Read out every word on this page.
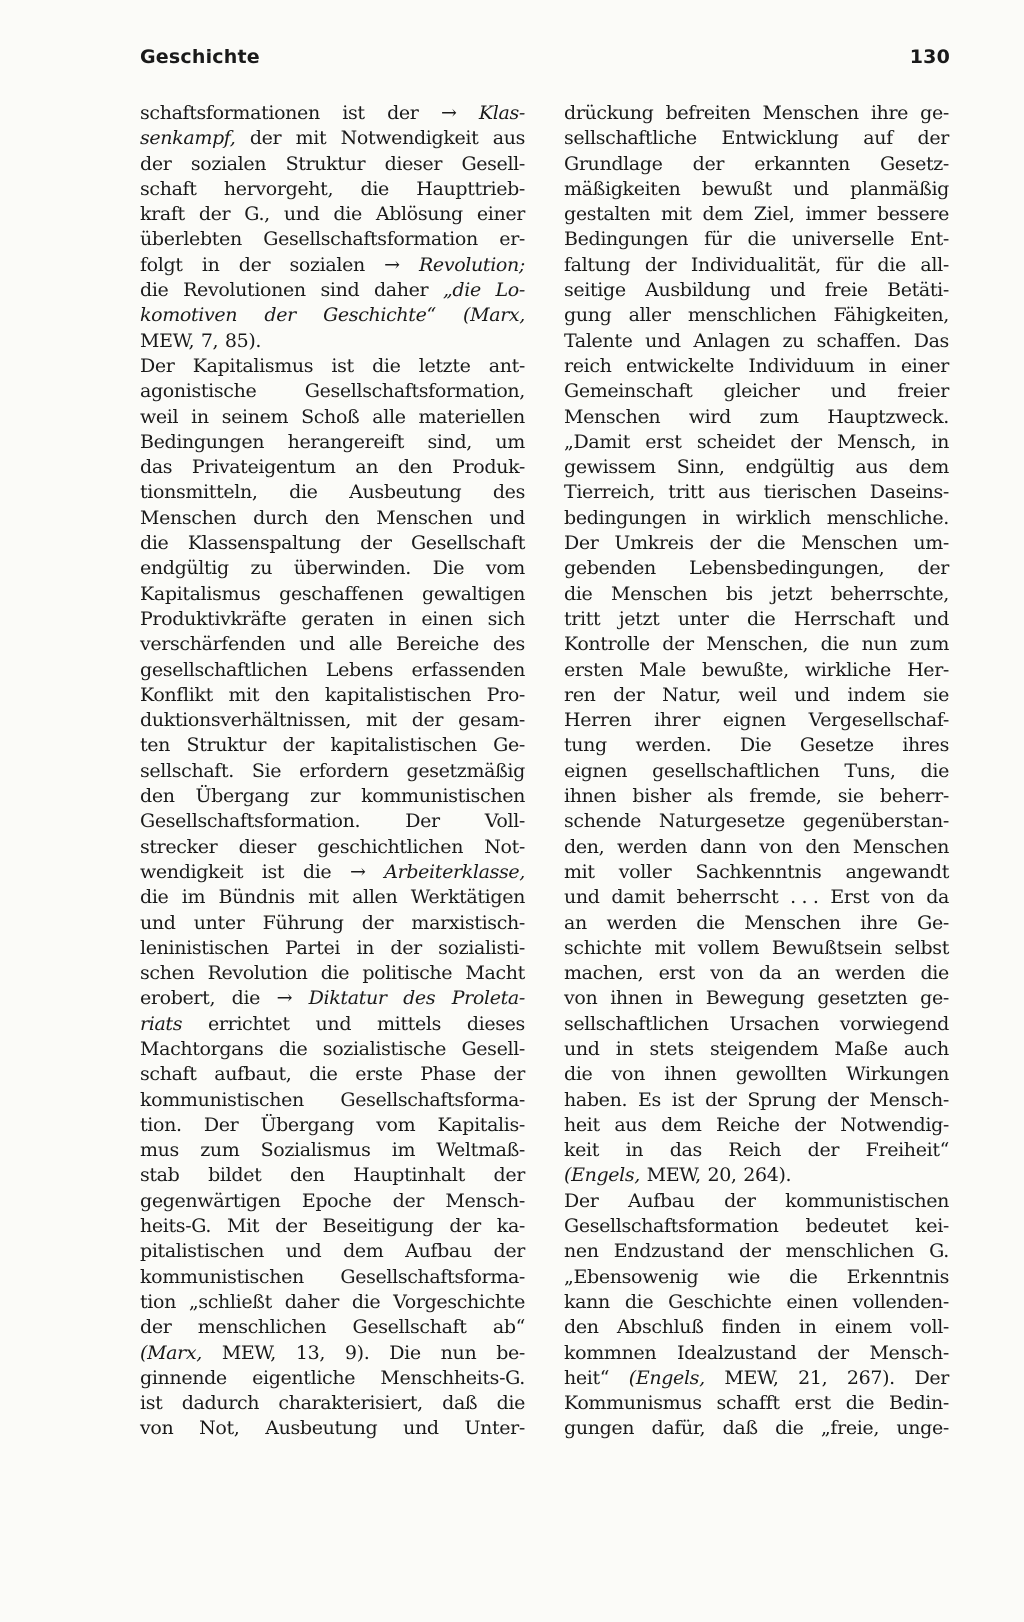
Geschichte	130
schaftsformationen ist der → Klas-
senkampf, der mit Notwendigkeit aus
der sozialen Struktur dieser Gesell-
schaft hervorgeht, die Haupttrieb-
kraft der G., und die Ablösung einer
überlebten Gesellschaftsformation er-
folgt in der sozialen → Revolution;
die Revolutionen sind daher „die Lo-
komotiven der Geschichte“ (Marx,
MEW, 7, 85).
Der Kapitalismus ist die letzte ant-
agonistische	Gesellschaftsformation,
weil in seinem Schoß alle materiellen
Bedingungen herangereift sind, um
das Privateigentum an den Produk-
tionsmitteln, die Ausbeutung des
Menschen durch den Menschen und
die Klassenspaltung der Gesellschaft
endgültig zu überwinden. Die vom
Kapitalismus geschaffenen gewaltigen
Produktivkräfte geraten in einen sich
verschärfenden und alle Bereiche des
gesellschaftlichen Lebens erfassenden
Konflikt mit den kapitalistischen Pro-
duktionsverhältnissen, mit der gesam-
ten Struktur der kapitalistischen Ge-
sellschaft. Sie erfordern gesetzmäßig
den Übergang zur kommunistischen
Gesellschaftsformation. Der Voll-
strecker dieser geschichtlichen Not-
wendigkeit ist die → Arbeiterklasse,
die im Bündnis mit allen Werktätigen
und unter Führung der marxistisch-
leninistischen Partei in der sozialisti-
schen Revolution die politische Macht
erobert, die → Diktatur des Proleta-
riats errichtet und mittels dieses
Machtorgans die sozialistische Gesell-
schaft aufbaut, die erste Phase der
kommunistischen Gesellschaftsforma-
tion. Der Übergang vom Kapitalis-
mus zum Sozialismus im Weltmaß-
stab bildet den Hauptinhalt der
gegenwärtigen Epoche der Mensch-
heits-G. Mit der Beseitigung der ka-
pitalistischen und dem Aufbau der
kommunistischen Gesellschaftsforma-
tion „schließt daher die Vorgeschichte
der menschlichen Gesellschaft ab“
(Marx, MEW, 13, 9). Die nun be-
ginnende eigentliche Menschheits-G.
ist dadurch charakterisiert, daß die
von Not, Ausbeutung und Unter-
drückung befreiten Menschen ihre ge-
sellschaftliche Entwicklung auf der
Grundlage der erkannten Gesetz-
mäßigkeiten bewußt und planmäßig
gestalten mit dem Ziel, immer bessere
Bedingungen für die universelle Ent-
faltung der Individualität, für die all-
seitige Ausbildung und freie Betäti-
gung aller menschlichen Fähigkeiten,
Talente und Anlagen zu schaffen. Das
reich entwickelte Individuum in einer
Gemeinschaft gleicher und freier
Menschen wird zum Hauptzweck.
„Damit erst scheidet der Mensch, in
gewissem Sinn, endgültig aus dem
Tierreich, tritt aus tierischen Daseins-
bedingungen in wirklich menschliche.
Der Umkreis der die Menschen um-
gebenden Lebensbedingungen, der
die Menschen bis jetzt beherrschte,
tritt jetzt unter die Herrschaft und
Kontrolle der Menschen, die nun zum
ersten Male bewußte, wirkliche Her-
ren der Natur, weil und indem sie
Herren ihrer eignen Vergesellschaf-
tung werden. Die Gesetze ihres
eignen gesellschaftlichen Tuns, die
ihnen bisher als fremde, sie beherr-
schende Naturgesetze gegenüberstan-
den, werden dann von den Menschen
mit voller Sachkenntnis angewandt
und damit beherrscht . . . Erst von da
an werden die Menschen ihre Ge-
schichte mit vollem Bewußtsein selbst
machen, erst von da an werden die
von ihnen in Bewegung gesetzten ge-
sellschaftlichen Ursachen vorwiegend
und in stets steigendem Maße auch
die von ihnen gewollten Wirkungen
haben. Es ist der Sprung der Mensch-
heit aus dem Reiche der Notwendig-
keit in das Reich der Freiheit“
(Engels, MEW, 20, 264).
Der Aufbau der kommunistischen
Gesellschaftsformation bedeutet kei-
nen Endzustand der menschlichen G.
„Ebensowenig wie die Erkenntnis
kann die Geschichte einen vollenden-
den Abschluß finden in einem voll-
kommnen Idealzustand der Mensch-
heit“ (Engels, MEW, 21, 267). Der
Kommunismus schafft erst die Bedin-
gungen dafür, daß die „freie, unge-
